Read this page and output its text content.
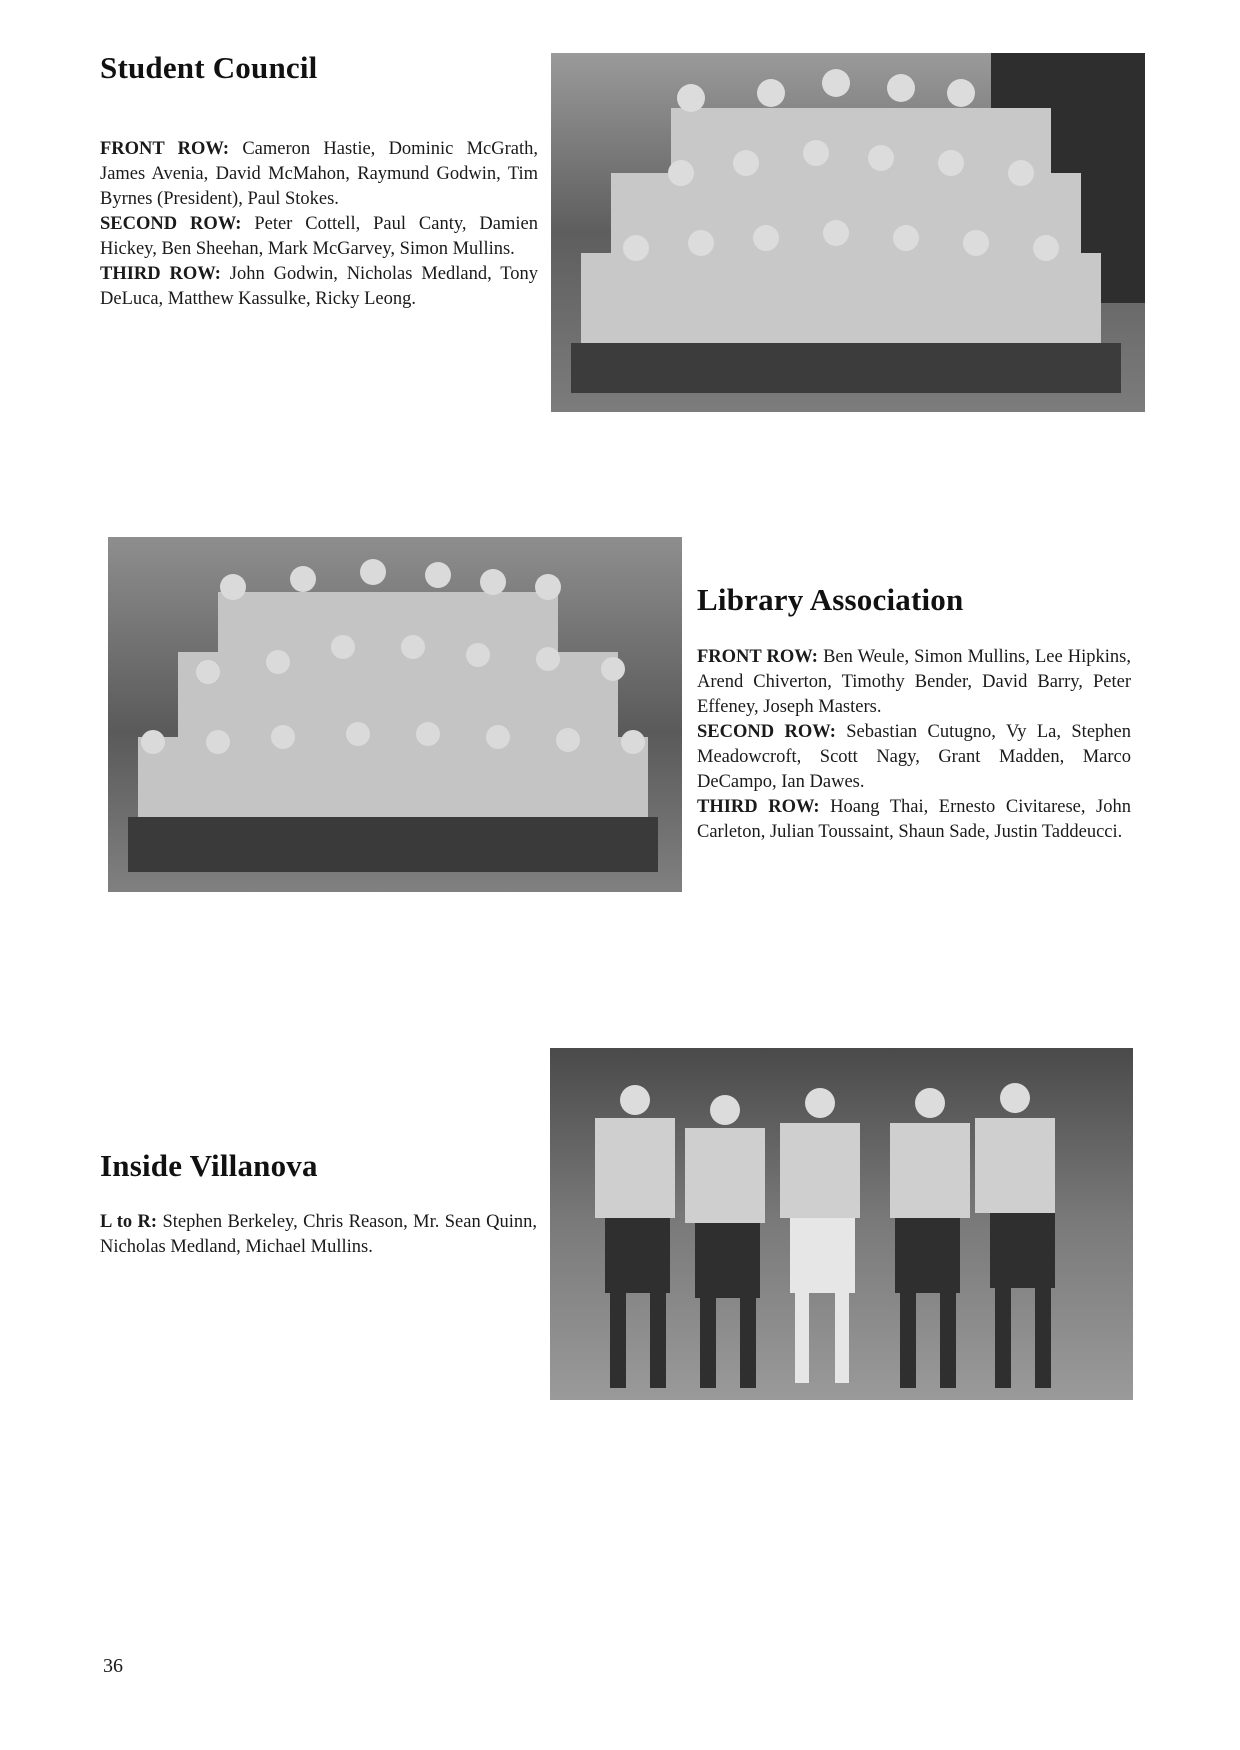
Student Council

FRONT ROW: Cameron Hastie, Dominic McGrath, James Avenia, David McMahon, Raymund Godwin, Tim Byrnes (President), Paul Stokes.

SECOND ROW: Peter Cottell, Paul Canty, Damien Hickey, Ben Sheehan, Mark McGarvey, Simon Mullins.

THIRD ROW: John Godwin, Nicholas Medland, Tony DeLuca, Matthew Kassulke, Ricky Leong.

Library Association

FRONT ROW: Ben Weule, Simon Mullins, Lee Hipkins, Arend Chiverton, Timothy Bender, David Barry, Peter Effeney, Joseph Masters.

SECOND ROW: Sebastian Cutugno, Vy La, Stephen Meadowcroft, Scott Nagy, Grant Madden, Marco DeCampo, Ian Dawes.

THIRD ROW: Hoang Thai, Ernesto Civitarese, John Carleton, Julian Toussaint, Shaun Sade, Justin Taddeucci.

Inside Villanova

L to R: Stephen Berkeley, Chris Reason, Mr. Sean Quinn, Nicholas Medland, Michael Mullins.

36
